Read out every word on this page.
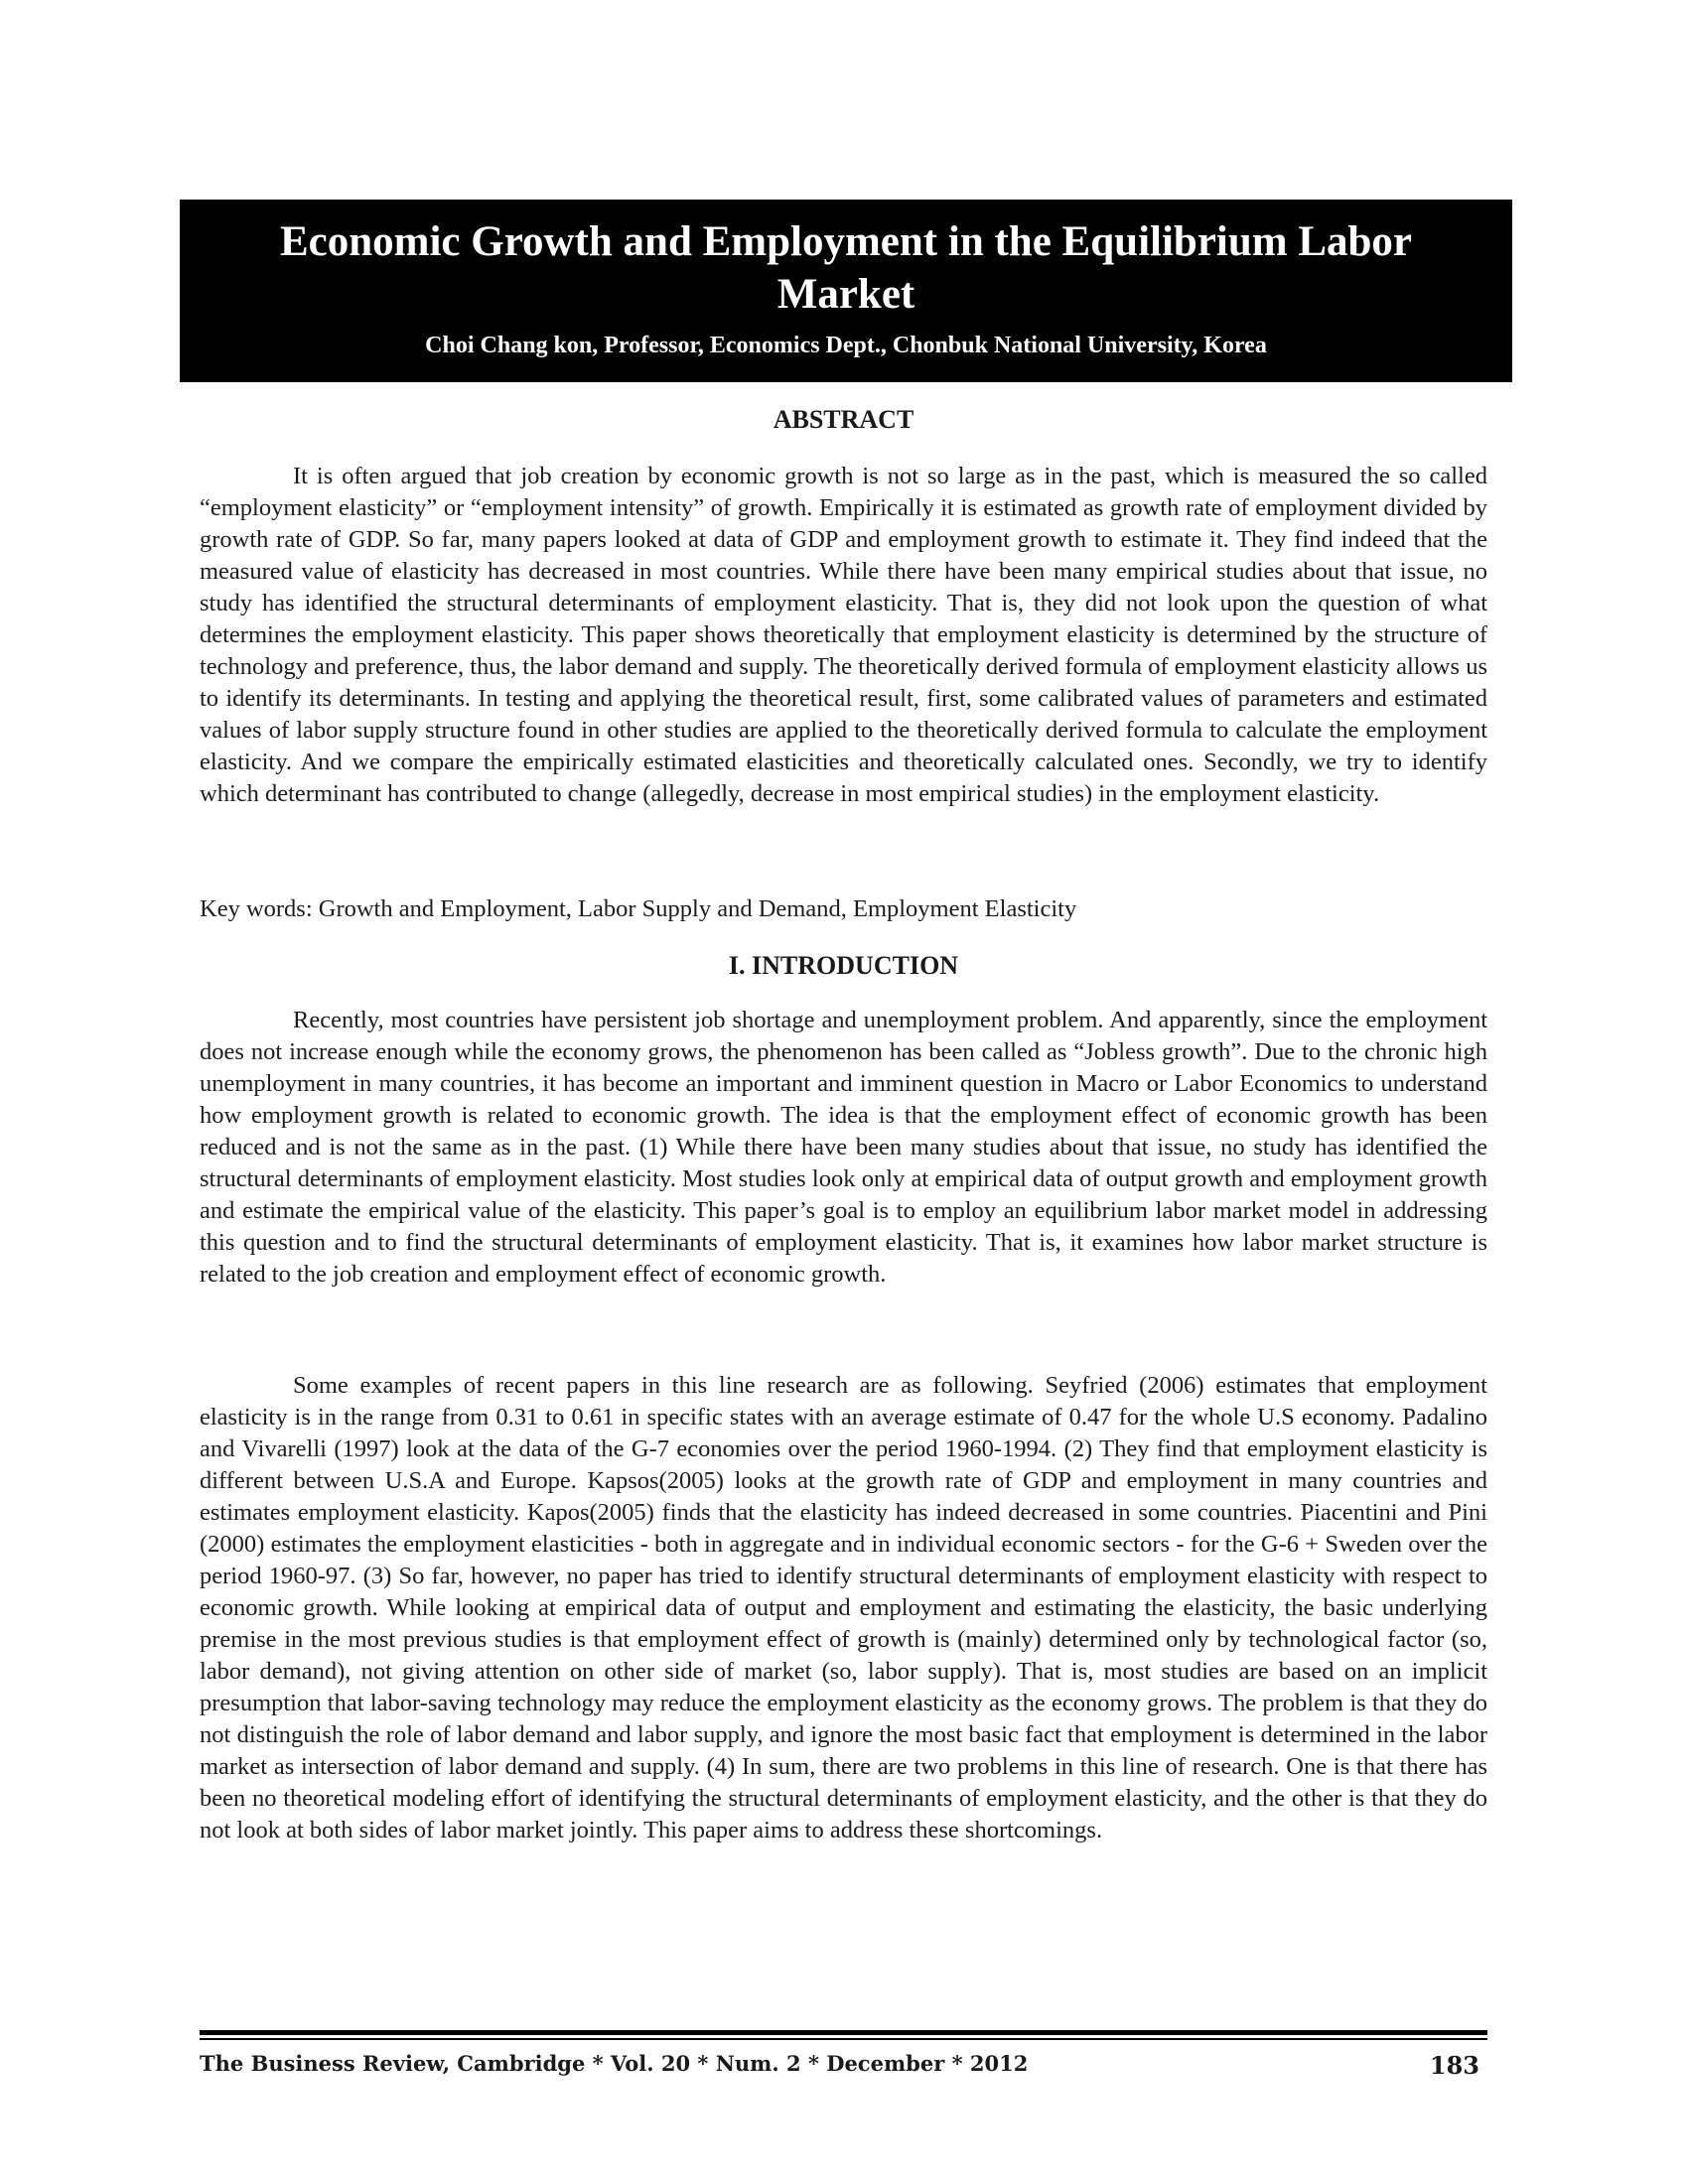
Economic Growth and Employment in the Equilibrium Labor Market
Choi Chang kon, Professor, Economics Dept., Chonbuk National University, Korea
ABSTRACT

It is often argued that job creation by economic growth is not so large as in the past, which is measured the so called “employment elasticity” or “employment intensity” of growth. Empirically it is estimated as growth rate of employment divided by growth rate of GDP. So far, many papers looked at data of GDP and employment growth to estimate it. They find indeed that the measured value of elasticity has decreased in most countries. While there have been many empirical studies about that issue, no study has identified the structural determinants of employment elasticity. That is, they did not look upon the question of what determines the employment elasticity. This paper shows theoretically that employment elasticity is determined by the structure of technology and preference, thus, the labor demand and supply. The theoretically derived formula of employment elasticity allows us to identify its determinants. In testing and applying the theoretical result, first, some calibrated values of parameters and estimated values of labor supply structure found in other studies are applied to the theoretically derived formula to calculate the employment elasticity. And we compare the empirically estimated elasticities and theoretically calculated ones. Secondly, we try to identify which determinant has contributed to change (allegedly, decrease in most empirical studies) in the employment elasticity.

Key words: Growth and Employment, Labor Supply and Demand, Employment Elasticity

I. INTRODUCTION

Recently, most countries have persistent job shortage and unemployment problem. And apparently, since the employment does not increase enough while the economy grows, the phenomenon has been called as “Jobless growth”. Due to the chronic high unemployment in many countries, it has become an important and imminent question in Macro or Labor Economics to understand how employment growth is related to economic growth. The idea is that the employment effect of economic growth has been reduced and is not the same as in the past. (1) While there have been many studies about that issue, no study has identified the structural determinants of employment elasticity. Most studies look only at empirical data of output growth and employment growth and estimate the empirical value of the elasticity. This paper’s goal is to employ an equilibrium labor market model in addressing this question and to find the structural determinants of employment elasticity. That is, it examines how labor market structure is related to the job creation and employment effect of economic growth.

Some examples of recent papers in this line research are as following. Seyfried (2006) estimates that employment elasticity is in the range from 0.31 to 0.61 in specific states with an average estimate of 0.47 for the whole U.S economy. Padalino and Vivarelli (1997) look at the data of the G-7 economies over the period 1960-1994. (2) They find that employment elasticity is different between U.S.A and Europe. Kapsos(2005) looks at the growth rate of GDP and employment in many countries and estimates employment elasticity. Kapos(2005) finds that the elasticity has indeed decreased in some countries. Piacentini and Pini (2000) estimates the employment elasticities - both in aggregate and in individual economic sectors - for the G-6 + Sweden over the period 1960-97. (3) So far, however, no paper has tried to identify structural determinants of employment elasticity with respect to economic growth. While looking at empirical data of output and employment and estimating the elasticity, the basic underlying premise in the most previous studies is that employment effect of growth is (mainly) determined only by technological factor (so, labor demand), not giving attention on other side of market (so, labor supply). That is, most studies are based on an implicit presumption that labor-saving technology may reduce the employment elasticity as the economy grows. The problem is that they do not distinguish the role of labor demand and labor supply, and ignore the most basic fact that employment is determined in the labor market as intersection of labor demand and supply. (4) In sum, there are two problems in this line of research. One is that there has been no theoretical modeling effort of identifying the structural determinants of employment elasticity, and the other is that they do not look at both sides of labor market jointly. This paper aims to address these shortcomings.

The Business Review, Cambridge * Vol. 20 * Num. 2 * December * 2012	183
